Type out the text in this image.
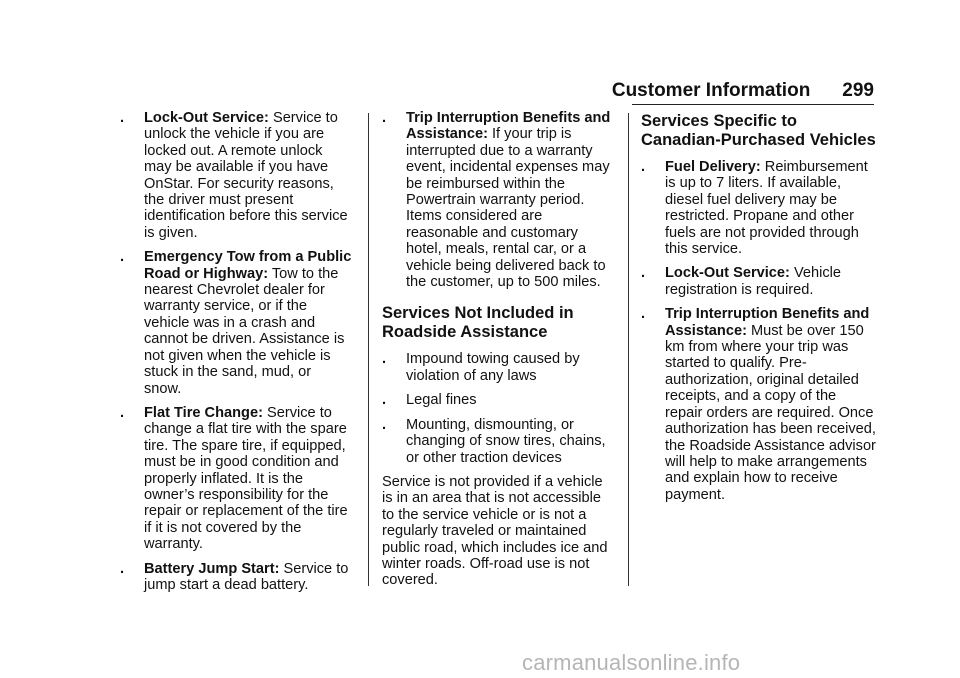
Customer Information 299
. Lock-Out Service: Service to unlock the vehicle if you are locked out. A remote unlock may be available if you have OnStar. For security reasons, the driver must present identification before this service is given.
. Emergency Tow from a Public Road or Highway: Tow to the nearest Chevrolet dealer for warranty service, or if the vehicle was in a crash and cannot be driven. Assistance is not given when the vehicle is stuck in the sand, mud, or snow.
. Flat Tire Change: Service to change a flat tire with the spare tire. The spare tire, if equipped, must be in good condition and properly inflated. It is the owner’s responsibility for the repair or replacement of the tire if it is not covered by the warranty.
. Battery Jump Start: Service to jump start a dead battery.
. Trip Interruption Benefits and Assistance: If your trip is interrupted due to a warranty event, incidental expenses may be reimbursed within the Powertrain warranty period. Items considered are reasonable and customary hotel, meals, rental car, or a vehicle being delivered back to the customer, up to 500 miles.
Services Not Included in Roadside Assistance
. Impound towing caused by violation of any laws
. Legal fines
. Mounting, dismounting, or changing of snow tires, chains, or other traction devices

Service is not provided if a vehicle is in an area that is not accessible to the service vehicle or is not a regularly traveled or maintained public road, which includes ice and winter roads. Off-road use is not covered.

Services Specific to Canadian-Purchased Vehicles
. Fuel Delivery: Reimbursement is up to 7 liters. If available, diesel fuel delivery may be restricted. Propane and other fuels are not provided through this service.
. Lock-Out Service: Vehicle registration is required.
. Trip Interruption Benefits and Assistance: Must be over 150 km from where your trip was started to qualify. Pre-authorization, original detailed receipts, and a copy of the repair orders are required. Once authorization has been received, the Roadside Assistance advisor will help to make arrangements and explain how to receive payment.
carmanualsonline.info
